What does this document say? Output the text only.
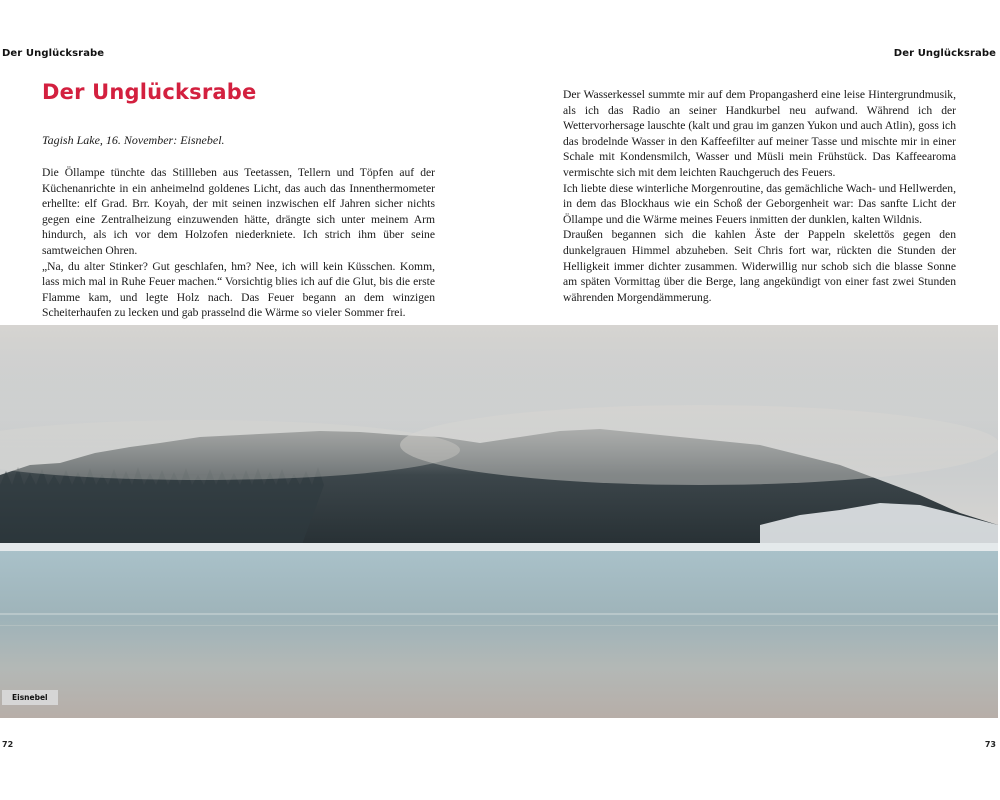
Der Unglücksrabe	Der Unglücksrabe
Der Unglücksrabe
Tagish Lake, 16. November: Eisnebel.

Die Öllampe tünchte das Stillleben aus Teetassen, Tellern und Töpfen auf der Küchenanrichte in ein anheimelnd goldenes Licht, das auch das Innenthermometer erhellte: elf Grad. Brr. Koyah, der mit seinen inzwischen elf Jahren sicher nichts gegen eine Zentralheizung einzuwenden hätte, drängte sich unter meinem Arm hindurch, als ich vor dem Holzofen niederkniete. Ich strich ihm über seine samtweichen Ohren.

„Na, du alter Stinker? Gut geschlafen, hm? Nee, ich will kein Küsschen. Komm, lass mich mal in Ruhe Feuer machen.“ Vorsichtig blies ich auf die Glut, bis die erste Flamme kam, und legte Holz nach. Das Feuer begann an dem winzigen Scheiterhaufen zu lecken und gab prasselnd die Wärme so vieler Sommer frei.

Der Wasserkessel summte mir auf dem Propangasherd eine leise Hintergrundmusik, als ich das Radio an seiner Handkurbel neu aufwand. Während ich der Wettervorhersage lauschte (kalt und grau im ganzen Yukon und auch Atlin), goss ich das brodelnde Wasser in den Kaffeefilter auf meiner Tasse und mischte mir in einer Schale mit Kondensmilch, Wasser und Müsli mein Frühstück. Das Kaffeearoma vermischte sich mit dem leichten Rauchgeruch des Feuers.

Ich liebte diese winterliche Morgenroutine, das gemächliche Wach- und Hellwerden, in dem das Blockhaus wie ein Schoß der Geborgenheit war: Das sanfte Licht der Öllampe und die Wärme meines Feuers inmitten der dunklen, kalten Wildnis.

Draußen begannen sich die kahlen Äste der Pappeln skelettös gegen den dunkelgrauen Himmel abzuheben. Seit Chris fort war, rückten die Stunden der Helligkeit immer dichter zusammen. Widerwillig nur schob sich die blasse Sonne am späten Vormittag über die Berge, lang angekündigt von einer fast zwei Stunden währenden Morgendämmerung.

Eisnebel
72	73
